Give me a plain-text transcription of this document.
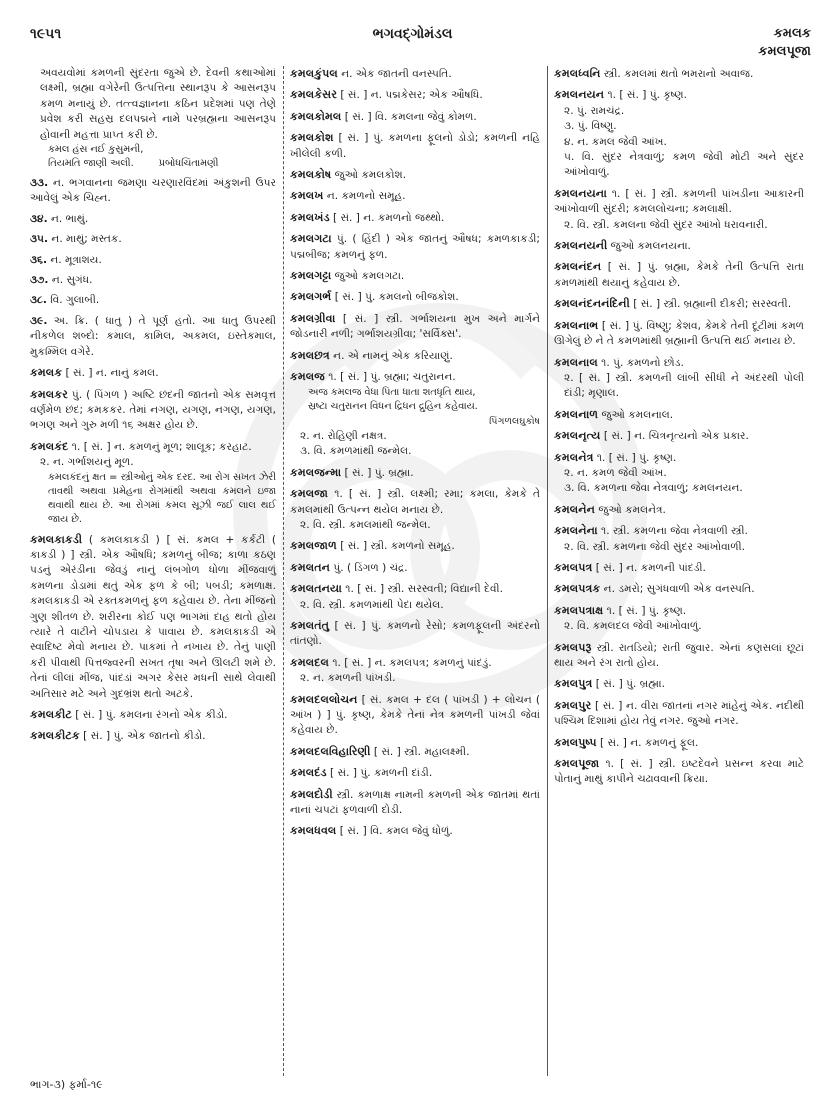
૧૯૫૧	ભગવદ્ગોમંડલ	કમલક
કમલપૂજા

અવયવોમાં કમળની સુંદરતા જુએ છે. દેવની કથાઓમાં લક્ષ્મી, બ્રહ્મા વગેરેની ઉત્પત્તિના સ્થાનરૂપ કે આસનરૂપ કમળ મનાયું છે. તત્ત્વજ્ઞાનના કઠિન પ્રદેશમાં પણ તેણે પ્રવેશ કરી સહસ્ર દલપદ્મને નામે પરબ્રહ્મના આસનરૂપ હોવાની મહત્તા પ્રાપ્ત કરી છે.

કમલ હંસ નઈ કુસુમની,

તિયમતિ જાણી અલી.	પ્રબોધચિંતામણી

૩૩. ન. ભગવાનના જમણા ચરણારવિંદમાં અંકુશની ઉપર આવેલું એક ચિહ્ન.

૩૪. ન. ભાથું.

૩૫. ન. માથું; મસ્તક.

૩૬. ન. મૂત્રાશય.

૩૭. ન. સુગંધ.

૩૮. વિ. ગુલાબી.

૩૯. અ. ક્રિ. ( ધાતુ ) તે પૂર્ણ હતો. આ ધાતુ ઉપરથી નીકળેલ શબ્દો: કમાલ, કામિલ, અકમલ, ઇસ્તેકમાલ, મુકમ્મિલ વગેરે.

કમલક [ સં. ] ન. નાનું કમલ.

કમલકર પું. ( પિંગળ ) અષ્ટિ છંદની જાતનો એક સમવૃત્ત વર્ણમેળ છંદ; કમકકર. તેમાં નગણ, યગણ, નગણ, યગણ, ભગણ અને ગુરુ મળી ૧૬ અક્ષર હોય છે.

કમલકંદ ૧. [ સં. ] ન. કમળનું મૂળ; શાલૂક; કરહાટ.

૨. ન. ગર્ભાશયનું મૂળ.

કમલકંદનું ક્ષત = સ્ત્રીઓનું એક દરદ. આ રોગ સખત ઝેરી તાવથી અથવા પ્રમેહના રોગમાંથી અથવા કમલને ઇજા થવાથી થાય છે. આ રોગમાં કમલ સૂઝી જઈ લાલ થઈ જાય છે.

કમલકાકડી ( કમલકાકડી ) [ સં. કમલ + કર્કટી ( કાકડી ) ] સ્ત્રી. એક ઔષધિ; કમળનું બીજ; કાળા કઠણ પડનું એરંડીના જેવડું નાનું લંબગોળ ધોળા મીંજવાળું કમળના ડોડામાં થતું એક ફળ કે બી; પબડી; કમળાક્ષ. કમલકાકડી એ રક્તકમળનું ફળ કહેવાય છે. તેના મીંજનો ગુણ શીતળ છે. શરીરના કોઈ પણ ભાગમાં દાહ થતો હોય ત્યારે તે વાટીને ચોપડાય કે પાવાય છે. કમલકાકડી એ સ્વાદિષ્ટ મેવો મનાય છે. પાકમાં તે નખાય છે. તેનું પાણી કરી પીવાથી પિત્તજ્વરની સખત તૃષા અને ઊલટી શમે છે. તેનાં લીલાં મીંજ, પાંદડાં અગર કેસર મધની સાથે લેવાથી અતિસાર મટે અને ગુદભ્રંશ થતો અટકે.

કમલકીટ [ સં. ] પું. કમલના રંગનો એક કીડો.

કમલકીટક [ સં. ] પું. એક જાતનો કીડો.

કમલકુંપલ ન. એક જાતની વનસ્પતિ.

કમલકેસર [ સં. ] ન. પદ્મકેસર; એક ઔષધિ.

કમલકોમલ [ સં. ] વિ. કમલના જેવું કોમળ.

કમલકોશ [ સં. ] પું. કમળના ફૂલનો ડોડો; કમળની નહિ ખીલેલી કળી.

કમલકોષ જુઓ કમલકોશ.

કમલખ ન. કમળનો સમૂહ.

કમલખંડ [ સં. ] ન. કમળનો જથ્થો.

કમલગટા પું. ( હિંદી ) એક જાતનું ઔષધ; કમળકાકડી; પદ્મબીજ; કમળનું ફળ.

કમલગટ્ટા જુઓ કમલગટા.

કમલગર્ભ [ સં. ] પું. કમલનો બીજકોશ.

કમલગ્રીવા [ સં. ] સ્ત્રી. ગર્ભાશયના મુખ અને માર્ગને જોડનારી નળી; ગર્ભાશયગ્રીવા; 'સર્વિક્સ'.

કમલછત્ર ન. એ નામનું એક કરિયાણું.

કમલજ ૧. [ સં. ] પું. બ્રહ્મા; ચતુરાનન.

અજ કમલજ વેધા પિતા ધાતા શતધૃતિ થાય,

સ્રષ્ટા ચતુરાનન વિધન દ્રિધન દ્રુહિન કહેવાય.

પિંગળલઘુકોષ

૨. ન. રોહિણી નક્ષત્ર.

૩. વિ. કમળમાંથી જન્મેલ.

કમલજન્મા [ સં. ] પું. બ્રહ્મા.

કમલજા ૧. [ સં. ] સ્ત્રી. લક્ષ્મી; રમા; કમલા, કેમકે તે કમલમાંથી ઉત્પન્ન થયેલ મનાય છે.

૨. વિ. સ્ત્રી. કમલમાંથી જન્મેલ.

કમલજાળ [ સં. ] સ્ત્રી. કમળનો સમૂહ.

કમલતન પું. ( ડિંગળ ) ચંદ્ર.

કમલતનયા ૧. [ સં. ] સ્ત્રી. સરસ્વતી; વિદ્યાની દેવી.

૨. વિ. સ્ત્રી. કમળમાંથી પેદા થયેલ.

કમલતંતુ [ સં. ] પું. કમળનો રેસો; કમળફૂલની અંદરનો તાંતણો.

કમલદલ ૧. [ સં. ] ન. કમલપત્ર; કમળનું પાંદડું.

૨. ન. કમળની પાંખડી.

કમલદલલોચન [ સં. કમલ + દલ ( પાંખડી ) + લોચન ( આંખ ) ] પું. કૃષ્ણ, કેમકે તેનાં નેત્ર કમળની પાંખડી જેવાં કહેવાય છે.

કમલદલવિહારિણી [ સં. ] સ્ત્રી. મહાલક્ષ્મી.

કમલદંડ [ સં. ] પું. કમળની દાંડી.

કમલદોડી સ્ત્રી. કમળાક્ષ નામની કમળની એક જાતમાં થતાં નાનાં ચપટાં ફળવાળી દોડી.

કમલધવલ [ સં. ] વિ. કમલ જેવું ધોળું.

કમલધ્વનિ સ્ત્રી. કમલમાં થતો ભમરાનો અવાજ.

કમલનયન ૧. [ સં. ] પું. કૃષ્ણ.

૨. પું. રામચંદ્ર.

૩. પું. વિષ્ણુ.

૪. ન. કમલ જેવી આંખ.

૫. વિ. સુંદર નેત્રવાળું; કમળ જેવી મોટી અને સુંદર આંખોવાળું.

કમલનયના ૧. [ સં. ] સ્ત્રી. કમળની પાંખડીના આકારની આંખોવાળી સુંદરી; કમલલોચના; કમલાક્ષી.

૨. વિ. સ્ત્રી. કમલના જેવી સુંદર આંખો ધરાવનારી.

કમલનયની જુઓ કમલનયના.

કમલનંદન [ સં. ] પું. બ્રહ્મા, કેમકે તેની ઉત્પત્તિ રાતા કમળમાંથી થયાનું કહેવાય છે.

કમલનંદનનંદિની [ સં. ] સ્ત્રી. બ્રહ્માની દીકરી; સરસ્વતી.

કમલનાભ [ સં. ] પું. વિષ્ણુ; કેશવ, કેમકે તેની દૂંટીમાં કમળ ઊગેલું છે ને તે કમળમાંથી બ્રહ્માની ઉત્પત્તિ થઈ મનાય છે.

કમલનાલ ૧. પું. કમળનો છોડ.

૨. [ સં. ] સ્ત્રી. કમળની લાંબી સીધી ને અંદરથી પોલી દાંડી; મૃણાલ.

કમલનાળ જુઓ કમલનાલ.

કમલનૃત્ય [ સં. ] ન. ચિત્રનૃત્યનો એક પ્રકાર.

કમલનેત્ર ૧. [ સં. ] પું. કૃષ્ણ.

૨. ન. કમળ જેવી આંખ.

૩. વિ. કમળના જેવા નેત્રવાળું; કમલનયન.

કમલનેન જુઓ કમલનેત્ર.

કમલનેના ૧. સ્ત્રી. કમળના જેવા નેત્રવાળી સ્ત્રી.

૨. વિ. સ્ત્રી. કમળના જેવી સુંદર આંખોવાળી.

કમલપત્ર [ સં. ] ન. કમળની પાંદડી.

કમલપત્રક ન. ડમરો; સુગંધવાળી એક વનસ્પતિ.

કમલપત્રાક્ષ ૧. [ સં. ] પું. કૃષ્ણ.

૨. વિ. કમલદલ જેવી આંખોવાળું.

કમલપરૂ સ્ત્રી. રાતડિયો; રાતી જુવાર. એનાં કણસલાં છૂટાં થાય અને રંગ રાતો હોય.

કમલપુત્ર [ સં. ] પું. બ્રહ્મા.

કમલપુર [ સં. ] ન. વીરા જાતનાં નગર માંહેનું એક. નદીથી પશ્ચિમ દિશામાં હોય તેવું નગર. જુઓ નગર.

કમલપુષ્પ [ સં. ] ન. કમળનું ફૂલ.

કમલપૂજા ૧. [ સં. ] સ્ત્રી. ઇષ્ટદેવને પ્રસન્ન કરવા માટે પોતાનું માથું કાપીને ચઢાવવાની ક્રિયા.

ભાગ-૩) ફર્મા-૧૯
